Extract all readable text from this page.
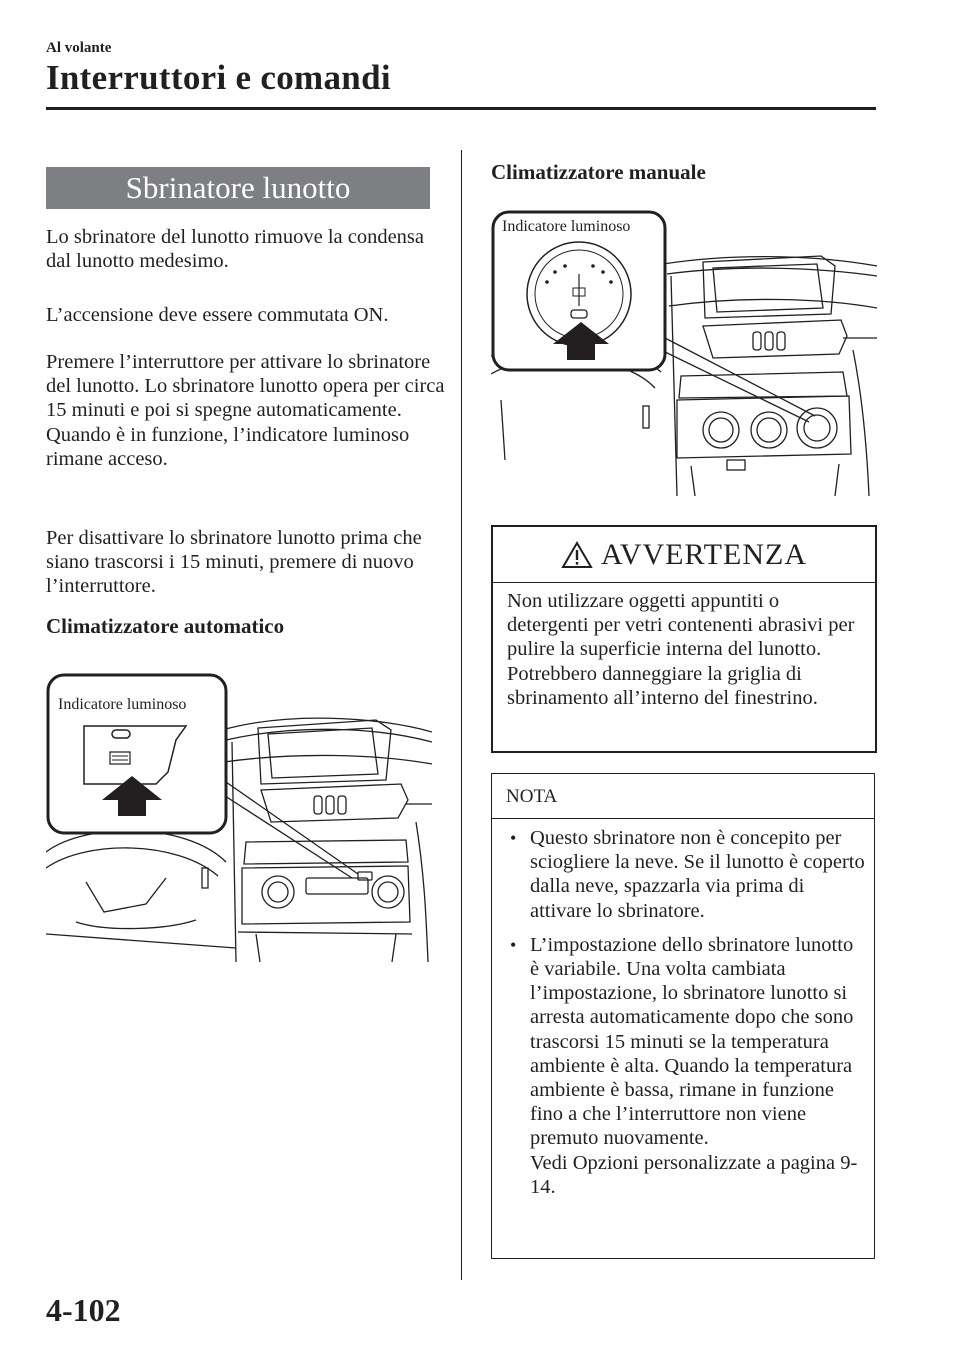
Al volante
Interruttori e comandi
Sbrinatore lunotto

Lo sbrinatore del lunotto rimuove la condensa dal lunotto medesimo.

L’accensione deve essere commutata ON.

Premere l’interruttore per attivare lo sbrinatore del lunotto. Lo sbrinatore lunotto opera per circa 15 minuti e poi si spegne automaticamente.

Quando è in funzione, l’indicatore luminoso rimane acceso.

Per disattivare lo sbrinatore lunotto prima che siano trascorsi i 15 minuti, premere di nuovo l’interruttore.

Climatizzatore automatico
Indicatore luminoso
Climatizzatore manuale
Indicatore luminoso
AVVERTENZA
Non utilizzare oggetti appuntiti o detergenti per vetri contenenti abrasivi per pulire la superficie interna del lunotto. Potrebbero danneggiare la griglia di sbrinamento all’interno del finestrino.
NOTA
• Questo sbrinatore non è concepito per sciogliere la neve. Se il lunotto è coperto dalla neve, spazzarla via prima di attivare lo sbrinatore.
• L’impostazione dello sbrinatore lunotto è variabile. Una volta cambiata l’impostazione, lo sbrinatore lunotto si arresta automaticamente dopo che sono trascorsi 15 minuti se la temperatura ambiente è alta. Quando la temperatura ambiente è bassa, rimane in funzione fino a che l’interruttore non viene premuto nuovamente.
Vedi Opzioni personalizzate a pagina 9-14.
4-102
